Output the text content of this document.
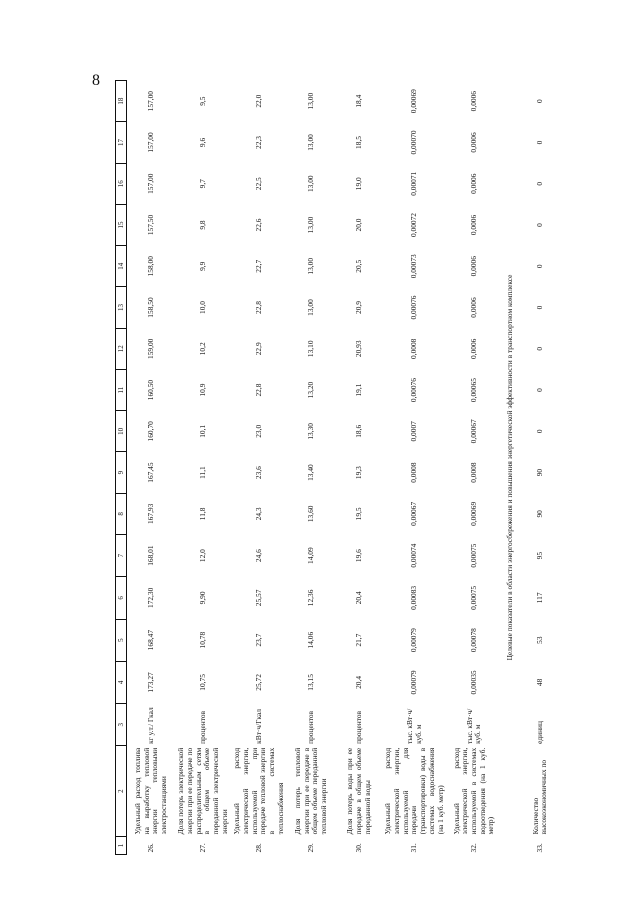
8
1	2	3	4	5	6	7	8	9	10	11	12	13	14	15	16	17	18
26.	Удельный расход топлива на выработку тепловой энергии тепловыми электростанциями	кг у.т./ Гкал	173,27	168,47	172,30	168,01	167,93	167,45	160,70	160,50	159,00	158,50	158,00	157,50	157,00	157,00	157,00
27.	Доля потерь электрической энергии при ее передаче по распределительным сетям в общем объеме переданной электрической энергии	процентов	10,75	10,78	9,90	12,0	11,8	11,1	10,1	10,9	10,2	10,0	9,9	9,8	9,7	9,6	9,5
28.	Удельный расход электрической энергии, используемой при передаче тепловой энергии в системах теплоснабжения	кВт·ч/Гкал	25,72	23,7	25,57	24,6	24,3	23,6	23,0	22,8	22,9	22,8	22,7	22,6	22,5	22,3	22,0
29.	Доля потерь тепловой энергии при ее передаче в общем объеме переданной тепловой энергии	процентов	13,15	14,06	12,36	14,09	13,60	13,40	13,30	13,20	13,10	13,00	13,00	13,00	13,00	13,00	13,00
30.	Доля потерь воды при ее передаче в общем объеме переданной воды	процентов	20,4	21,7	20,4	19,6	19,5	19,3	18,6	19,1	20,93	20,9	20,5	20,0	19,0	18,5	18,4
31.	Удельный расход электрической энергии, используемой для передачи (транспортировки) воды в системах водоснабжения (на 1 куб. метр)	тыс. кВт·ч/ куб. м	0,00079	0,00079	0,00083	0,00074	0,00067	0,0008	0,0007	0,00076	0,0008	0,00076	0,00073	0,00072	0,00071	0,00070	0,00069
32.	Удельный расход электрической энергии, используемой в системах водоотведения (на 1 куб. метр)	тыс. кВт·ч/ куб. м	0,00035	0,00078	0,00075	0,00075	0,00069	0,0008	0,00067	0,00065	0,0006	0,0006	0,0006	0,0006	0,0006	0,0006	0,0006
Целевые показатели в области энергосбережения и повышения энергетической эффективности в транспортном комплексе																	
33.	Количество высокоэкономичных по	единиц	48	53	117	95	90	90	0	0	0	0	0	0	0	0	0
